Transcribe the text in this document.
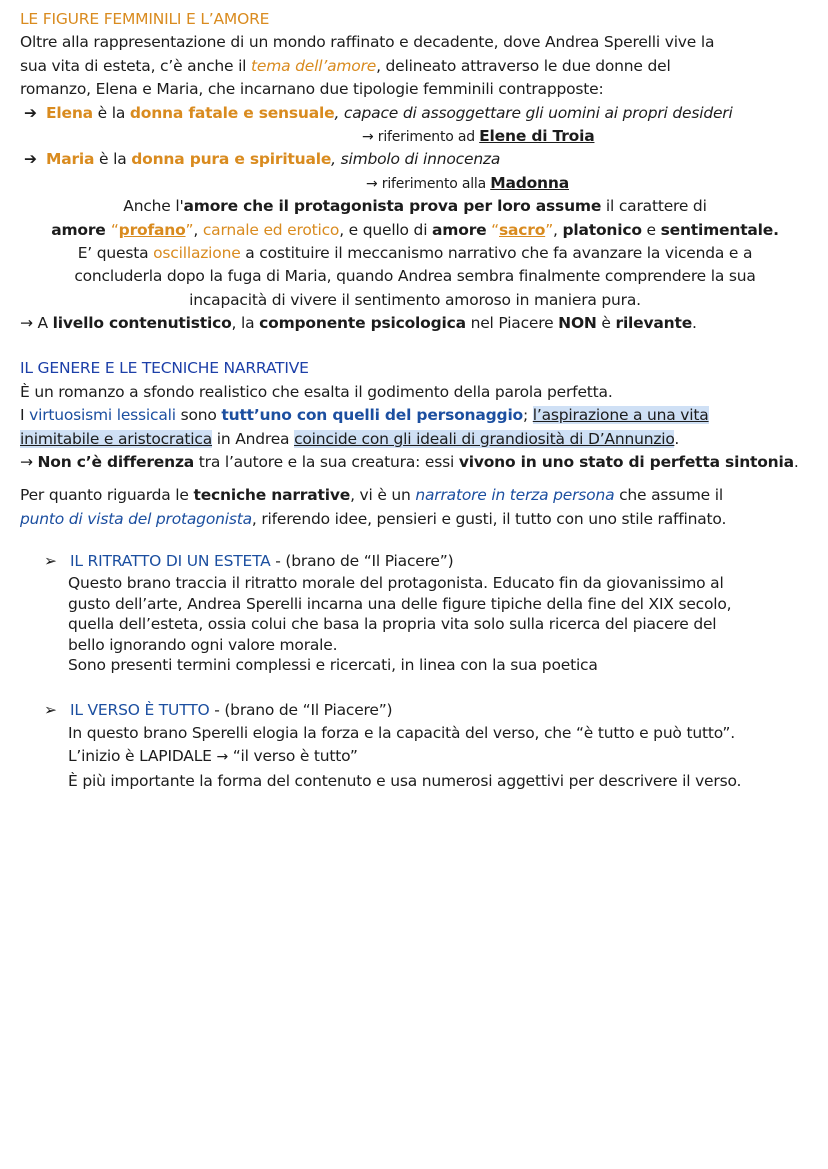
LE FIGURE FEMMINILI E L’AMORE
Oltre alla rappresentazione di un mondo raffinato e decadente, dove Andrea Sperelli vive la
sua vita di esteta, c’è anche il tema dell’amore, delineato attraverso le due donne del
romanzo, Elena e Maria, che incarnano due tipologie femminili contrapposte:
➔ Elena è la donna fatale e sensuale, capace di assoggettare gli uomini ai propri desideri
→ riferimento ad Elene di Troia
➔ Maria è la donna pura e spirituale, simbolo di innocenza
→ riferimento alla Madonna
Anche l'amore che il protagonista prova per loro assume il carattere di
amore “profano”, carnale ed erotico, e quello di amore “sacro”, platonico e sentimentale.
E’ questa oscillazione a costituire il meccanismo narrativo che fa avanzare la vicenda e a
concluderla dopo la fuga di Maria, quando Andrea sembra finalmente comprendere la sua
incapacità di vivere il sentimento amoroso in maniera pura.
→ A livello contenutistico, la componente psicologica nel Piacere NON è rilevante.
IL GENERE E LE TECNICHE NARRATIVE
È un romanzo a sfondo realistico che esalta il godimento della parola perfetta.
I virtuosismi lessicali sono tutt’uno con quelli del personaggio; l’aspirazione a una vita
inimitabile e aristocratica in Andrea coincide con gli ideali di grandiosità di D’Annunzio.
→ Non c’è differenza tra l’autore e la sua creatura: essi vivono in uno stato di perfetta sintonia.
Per quanto riguarda le tecniche narrative, vi è un narratore in terza persona che assume il
punto di vista del protagonista, riferendo idee, pensieri e gusti, il tutto con uno stile raffinato.
➢ IL RITRATTO DI UN ESTETA - (brano de “Il Piacere”)
Questo brano traccia il ritratto morale del protagonista. Educato fin da giovanissimo al
gusto dell’arte, Andrea Sperelli incarna una delle figure tipiche della fine del XIX secolo,
quella dell’esteta, ossia colui che basa la propria vita solo sulla ricerca del piacere del
bello ignorando ogni valore morale.
Sono presenti termini complessi e ricercati, in linea con la sua poetica
➢ IL VERSO È TUTTO - (brano de “Il Piacere”)
In questo brano Sperelli elogia la forza e la capacità del verso, che “è tutto e può tutto”.
L’inizio è LAPIDALE → “il verso è tutto”
È più importante la forma del contenuto e usa numerosi aggettivi per descrivere il verso.
